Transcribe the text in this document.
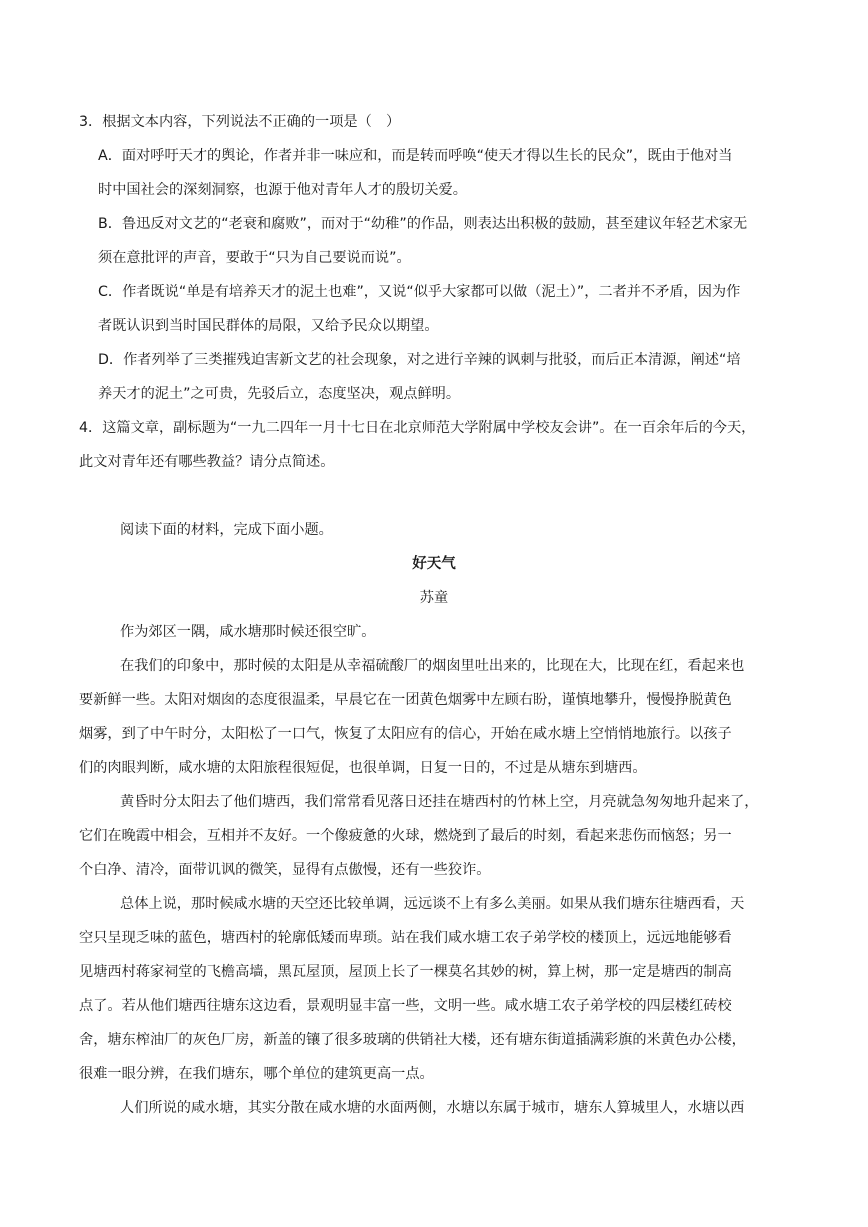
3．根据文本内容，下列说法不正确的一项是（　）

A．面对呼吁天才的舆论，作者并非一味应和，而是转而呼唤“使天才得以生长的民众”，既由于他对当

时中国社会的深刻洞察，也源于他对青年人才的殷切关爱。

B．鲁迅反对文艺的“老衰和腐败”，而对于“幼稚”的作品，则表达出积极的鼓励，甚至建议年轻艺术家无

须在意批评的声音，要敢于“只为自己要说而说”。

C．作者既说“单是有培养天才的泥土也难”，又说“似乎大家都可以做（泥土）”，二者并不矛盾，因为作

者既认识到当时国民群体的局限，又给予民众以期望。

D．作者列举了三类摧残迫害新文艺的社会现象，对之进行辛辣的讽刺与批驳，而后正本清源，阐述“培

养天才的泥土”之可贵，先驳后立，态度坚决，观点鲜明。

4．这篇文章，副标题为“一九二四年一月十七日在北京师范大学附属中学校友会讲”。在一百余年后的今天，

此文对青年还有哪些教益？请分点简述。

阅读下面的材料，完成下面小题。

好天气

苏童

作为郊区一隅，咸水塘那时候还很空旷。

在我们的印象中，那时候的太阳是从幸福硫酸厂的烟囱里吐出来的，比现在大，比现在红，看起来也

要新鲜一些。太阳对烟囱的态度很温柔，早晨它在一团黄色烟雾中左顾右盼，谨慎地攀升，慢慢挣脱黄色

烟雾，到了中午时分，太阳松了一口气，恢复了太阳应有的信心，开始在咸水塘上空悄悄地旅行。以孩子

们的肉眼判断，咸水塘的太阳旅程很短促，也很单调，日复一日的，不过是从塘东到塘西。

黄昏时分太阳去了他们塘西，我们常常看见落日还挂在塘西村的竹林上空，月亮就急匆匆地升起来了，

它们在晚霞中相会，互相并不友好。一个像疲惫的火球，燃烧到了最后的时刻，看起来悲伤而恼怒；另一

个白净、清冷，面带讥讽的微笑，显得有点傲慢，还有一些狡诈。

总体上说，那时候咸水塘的天空还比较单调，远远谈不上有多么美丽。如果从我们塘东往塘西看，天

空只呈现乏味的蓝色，塘西村的轮廓低矮而卑琐。站在我们咸水塘工农子弟学校的楼顶上，远远地能够看

见塘西村蒋家祠堂的飞檐高墙，黑瓦屋顶，屋顶上长了一棵莫名其妙的树，算上树，那一定是塘西的制高

点了。若从他们塘西往塘东这边看，景观明显丰富一些，文明一些。咸水塘工农子弟学校的四层楼红砖校

舍，塘东榨油厂的灰色厂房，新盖的镶了很多玻璃的供销社大楼，还有塘东街道插满彩旗的米黄色办公楼，

很难一眼分辨，在我们塘东，哪个单位的建筑更高一点。

人们所说的咸水塘，其实分散在咸水塘的水面两侧，水塘以东属于城市，塘东人算城里人，水塘以西
